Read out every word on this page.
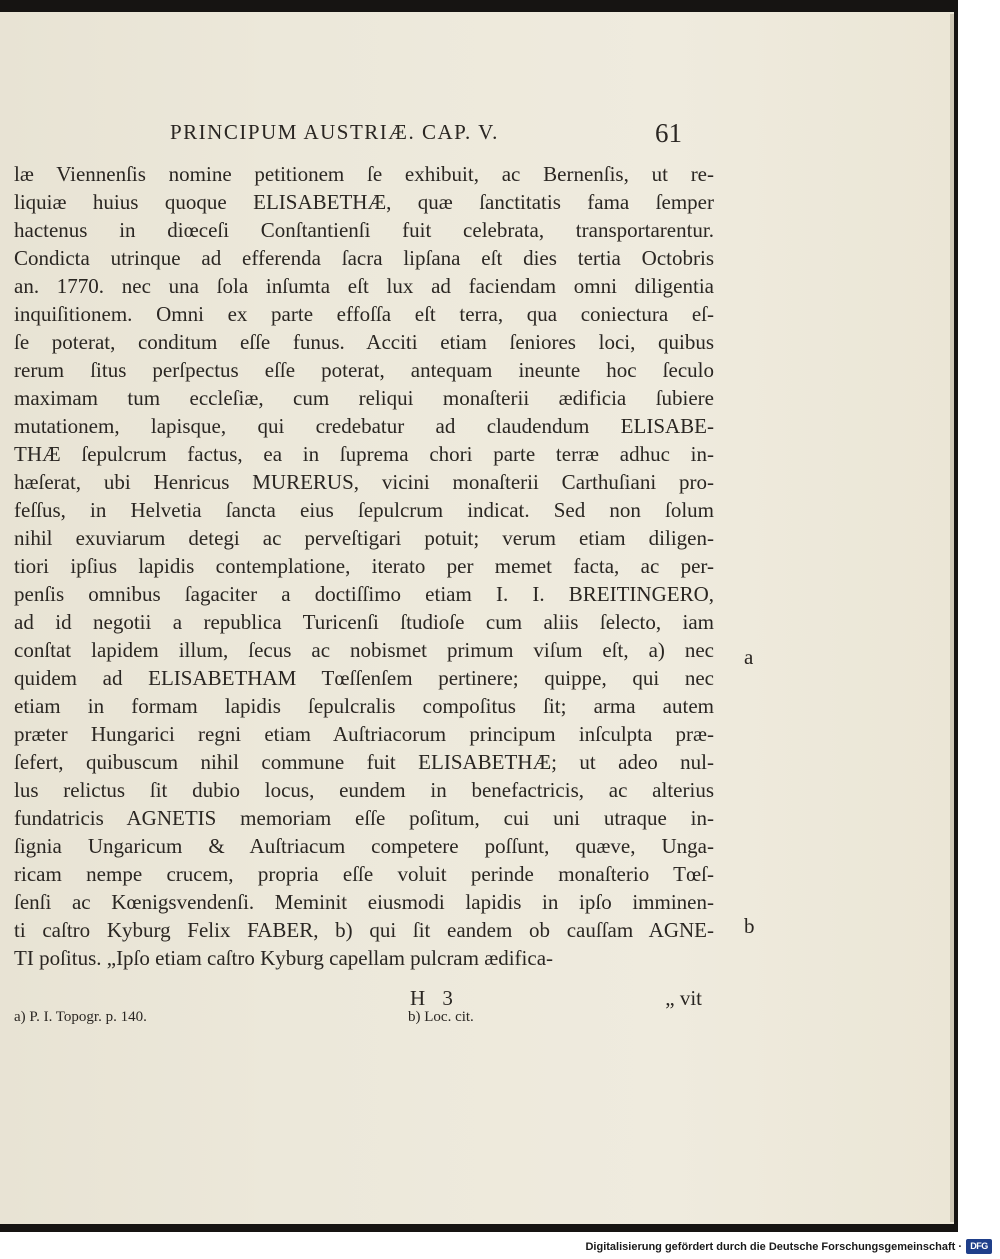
PRINCIPUM AUSTRIÆ. CAP. V.	61
læ Viennenſis nomine petitionem ſe exhibuit, ac Bernenſis, ut re-
liquiæ huius quoque ELISABETHÆ, quæ ſanctitatis fama ſemper
hactenus in diœceſi Conſtantienſi fuit celebrata, transportarentur.
Condicta utrinque ad efferenda ſacra lipſana eſt dies tertia Octobris
an. 1770. nec una ſola inſumta eſt lux ad faciendam omni diligentia
inquiſitionem. Omni ex parte effoſſa eſt terra, qua coniectura eſ-
ſe poterat, conditum eſſe funus. Acciti etiam ſeniores loci, quibus
rerum ſitus perſpectus eſſe poterat, antequam ineunte hoc ſeculo
maximam tum eccleſiæ, cum reliqui monaſterii ædificia ſubiere
mutationem, lapisque, qui credebatur ad claudendum ELISABE-
THÆ ſepulcrum factus, ea in ſuprema chori parte terræ adhuc in-
hæſerat, ubi Henricus MURERUS, vicini monaſterii Carthuſiani pro-
feſſus, in Helvetia ſancta eius ſepulcrum indicat. Sed non ſolum
nihil exuviarum detegi ac perveſtigari potuit; verum etiam diligen-
tiori ipſius lapidis contemplatione, iterato per memet facta, ac per-
penſis omnibus ſagaciter a doctiſſimo etiam I. I. BREITINGERO,
ad id negotii a republica Turicenſi ſtudioſe cum aliis ſelecto, iam
conſtat lapidem illum, ſecus ac nobismet primum viſum eſt, a) nec
quidem ad ELISABETHAM Tœſſenſem pertinere; quippe, qui nec
etiam in formam lapidis ſepulcralis compoſitus ſit; arma autem
præter Hungarici regni etiam Auſtriacorum principum inſculpta præ-
ſefert, quibuscum nihil commune fuit ELISABETHÆ; ut adeo nul-
lus relictus ſit dubio locus, eundem in benefactricis, ac alterius
fundatricis AGNETIS memoriam eſſe poſitum, cui uni utraque in-
ſignia Ungaricum & Auſtriacum competere poſſunt, quæve, Unga-
ricam nempe crucem, propria eſſe voluit perinde monaſterio Tœſ-
ſenſi ac Kœnigsvendenſi. Meminit eiusmodi lapidis in ipſo imminen-
ti caſtro Kyburg Felix FABER, b) qui ſit eandem ob cauſſam AGNE-
TI poſitus. „Ipſo etiam caſtro Kyburg capellam pulcram ædifica-
H 3	„ vit
a) P. I. Topogr. p. 140.	b) Loc. cit.
a
b
Digitalisierung gefördert durch die Deutsche Forschungsgemeinschaft · DFG
